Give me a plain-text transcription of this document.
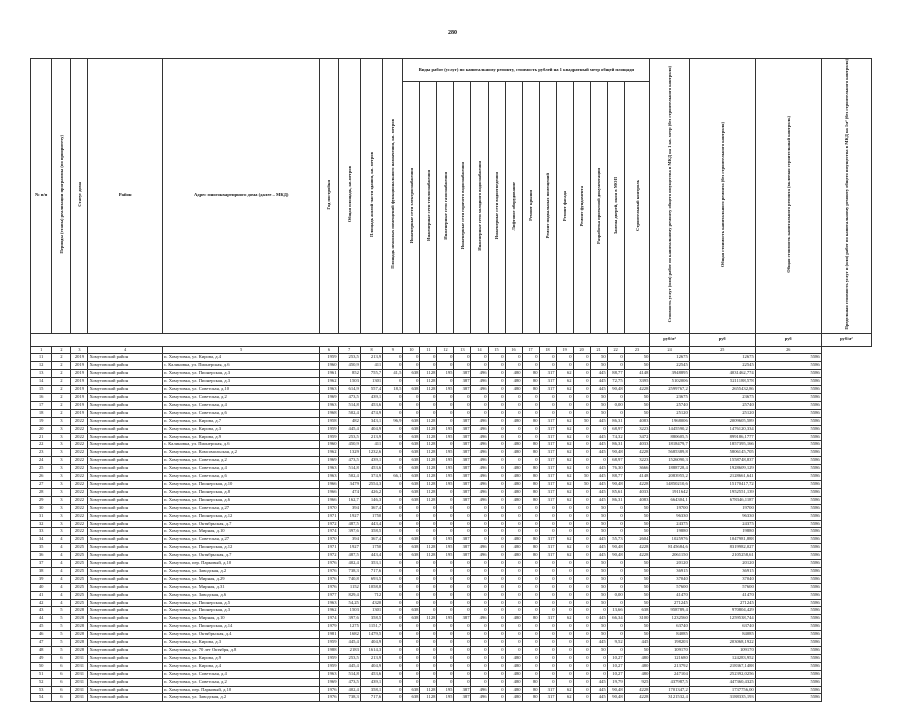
280
№ п/п	Периоды (этапы) реализации программы (по приоритету)	Статус дома	Район	Адрес многоквартирного дома (далее – МКД)	Год постройки	Общая площадь, кв.метров	Площадь жилой части здания, кв. метров	Площадь нежилых помещений функционального назначения, кв. метров	Виды работ (услуг) по капитальному ремонту, стоимость рублей на 1 квадратный метр общей площади														Стоимость услуг (или) работ по капитальному ремонту общего имущества в МКД на 1 кв. метр (без строительного контроля)	Общая стоимость капитального ремонта (без строительного контроля)	Общая стоимость капитального ремонта (включая строительный контроль)	Предельная стоимость услуг и (или) работ по капитальному ремонту общего имущества в МКД на 1м² (без строительного контроля)
									Инженерные сети электроснабжения	Инженерные сети теплоснабжения	Инженерные сети газоснабжения	Инженерные сети горячего водоснабжения	Инженерные сети холодного водоснабжения	Инженерные сети водоотведения	Лифтовое оборудование	Ремонт крыши	Ремонт подвальных помещений	Ремонт фасада	Ремонт фундамента	Разработка проектной документации	Замена дверей, окон в МОП	Строительный контроль				
																							руб/м²	руб	руб	руб/м²
1	2	3	4	5	6	7	8	9	10	11	12	13	14	15	16	17	18	19	20	21	22	23	24	25	26	
11	2	2019	Хомутовский район	п. Хомутовка, ул. Кирова, д.4	1959	253,5	213,9	0	0	0	0	0	0	0	0	0	0	0	0	50	0	50	12675	12675	5586	
12	2	2019	Хомутовский район	с. Калиновка, ул. Пионерская, д.6	1960	450,9	411	0	0	0	0	0	0	0	0	0	0	0	0	50	0	50	22545	22545	5586	
13	2	2019	Хомутовский район	п. Хомутовка, ул. Пионерская, д.3	1961	852	755,7	41,5	638	1128	195	387	496	0	480	80	317	62	0	445	88,77	4148	3948895	4031462,774	5586	
14	2	2019	Хомутовский район	п. Хомутовка, ул. Пионерская, д.3	1962	1503	1301	0	0	1128	0	387	496	0	480	80	317	62	0	445	72,75	3395	5102006	5211188,578	5586	
15	2	2019	Хомутовский район	п. Хомутовка, ул. Советская, д.10	1963	614,9	557,4	18,5	638	1128	195	387	496	0	480	80	317	62	0	445	90,48	4228	2599767,2	2655432,86	5586	
16	2	2019	Хомутовский район	п. Хомутовка, ул. Советская, д.2	1969	473,5	439,1	0	0	0	0	0	0	0	0	0	0	0	0	50	0	50	23675	23675	5586	
17	2	2019	Хомутовский район	п. Хомутовка, ул. Советская, д.4	1963	514,8	453,6	0	0	0	0	0	0	0	0	0	0	0	0	50	0,00	50	25740	25740	5586	
18	2	2019	Хомутовский район	п. Хомутовка, ул. Советская, д.6	1968	502,4	474,9	0	0	0	0	0	0	0	0	0	0	0	0	50	0	50	25120	25120	5586	
19	3	2022	Хомутовский район	п. Хомутовка, ул. Кирова, д.7	1958	482	343,1	96,9	638	1128	0	387	496	0	480	80	317	62	50	445	86,31	4083	1968006	2009605,589	5586	
20	3	2022	Хомутовский район	п. Хомутовка, ул. Кирова, д.3	1959	445,4	404,9	0	638	1128	195	387	496	0	0	0	317	62	0	0	68,97	3223	1445590,2	1476120,334	5586	
21	3	2022	Хомутовский район	п. Хомутовка, ул. Кирова, д.9	1959	253,5	213,9	0	638	1128	195	387	496	0	0	0	317	62	0	445	74,32	3472	880605,5	899186,1777	5586	
22	3	2022	Хомутовский район	с. Калиновка, ул. Пионерская, д.6	1960	450,9	411	0	638	1128	0	387	496	0	480	80	317	62	0	445	86,31	4033	1818479,7	1857395,166	5586	
23	3	2022	Хомутовский район	п. Хомутовка, ул. Комсомольская, д.2	1962	1329	1232,6	0	638	1128	195	387	496	0	480	80	317	62	0	445	90,48	4228	5685389,8	5806145,705	5586	
24	3	2022	Хомутовский район	п. Хомутовка, ул. Советская, д.2	1969	473,5	439,1	0	638	1128	195	387	496	0	0	0	317	62	0	0	68,97	3223	1526090,3	1558748,837	5586	
25	3	2022	Хомутовский район	п. Хомутовка, ул. Советская, д.4	1963	514,8	453,6	0	638	1128	195	387	496	0	480	80	317	62	0	445	76,30	3666	1888728,4	1928609,129	5586	
26	3	2022	Хомутовский район	п. Хомутовка, ул. Советская, д.6	1963	502,4	374,9	66,1	638	1128	195	387	496	0	480	80	317	62	50	445	88,77	4148	2083955,2	2128661,641	5586	
27	3	2022	Хомутовский район	п. Хомутовка, ул. Пионерская, д.10	1966	3479	2554,3	0	638	1128	195	387	496	0	480	80	317	62	50	445	90,48	4228	14850210,6	15170417,72	5586	
28	3	2022	Хомутовский район	п. Хомутовка, ул. Пионерская, д.8	1966	474	426,2	0	638	1128	0	387	496	0	480	80	317	62	0	445	85,61	4033	1911642	1952551,139	5586	
29	3	2022	Хомутовский район	п. Хомутовка, ул. Пионерская, д.6	1966	162,7	146,3	0	638	1128	0	387	496	0	480	80	317	62	0	445	86,31	4083	664304,1	678346,1187	5586	
30	3	2022	Хомутовский район	п. Хомутовка, ул. Советская, д.27	1970	394	367,4	0	0	0	0	0	0	0	0	0	0	0	0	50	0	50	19700	19700	5586	
31	3	2022	Хомутовский район	п. Хомутовка, ул. Пионерская, д.12	1971	1927	1750	0	0	0	0	0	0	0	0	0	0	0	0	50	0	50	96330	96330	5586	
32	3	2022	Хомутовский район	п. Хомутовка, ул. Октябрьская, д.7	1972	487,5	443,4	0	0	0	0	0	0	0	0	0	0	0	0	50	0	50	24375	24375	5586	
33	3	2022	Хомутовский район	п. Хомутовка, ул. Мирная, д.10	1974	397,6	358,5	0	0	0	0	0	0	0	0	0	0	0	0	50	0	50	19880	19880	5586	
34	4	2025	Хомутовский район	п. Хомутовка, ул. Советская, д.27	1970	394	367,4	0	638	0	195	387	0	0	480	80	317	62	0	445	55,73	2604	1025976	1047981,888	5586	
35	4	2025	Хомутовский район	п. Хомутовка, ул. Пионерская, д.12	1971	1927	1750	0	638	1128	195	387	496	0	480	80	317	62	0	445	90,48	4228	8145684,6	8319982,027	5586	
36	4	2025	Хомутовский район	п. Хомутовка, ул. Октябрьская, д.7	1972	487,5	443,4	0	638	1128	195	387	496	0	480	80	317	62	0	445	90,48	4228	2061150	2105258,61	5586	
37	4	2025	Хомутовский район	п. Хомутовка, пер. Парковый, д.10	1976	402,4	353,1	0	0	0	0	0	0	0	0	0	0	0	0	50	0	50	20120	20120	5586	
38	4	2025	Хомутовский район	п. Хомутовка, ул. Заводская, д.2	1976	738,3	717,6	0	0	0	0	0	0	0	0	0	0	0	0	50	0	50	36915	36915	5586	
39	4	2025	Хомутовский район	п. Хомутовка, ул. Мирная, д.29	1976	740,8	693,5	0	0	0	0	0	0	0	0	0	0	0	0	50	0	50	37040	37040	5586	
40	4	2025	Хомутовский район	п. Хомутовка, ул. Мирная, д.31	1976	1152	1058,8	0	0	0	0	0	0	0	0	0	0	0	0	50	0	50	57600	57600	5586	
41	4	2025	Хомутовский район	п. Хомутовка, ул. Заводская, д.6	1977	829,4	712	0	0	0	0	0	0	0	0	0	0	0	0	50	0,00	50	41470	41470	5586	
42	4	2025	Хомутовский район	п. Хомутовка, ул. Пионерская, д.5	1963	54,25	4320	0	0	0	0	0	0	0	0	0	0	0	0	50	0	50	271245	271245	5586	
43	5	2028	Хомутовский район	п. Хомутовка, ул. Пионерская, д.3	1962	1503	1301	0	638	0	0	0	0	0	0	0	0	0	0	0	13,66	638	958789,4	970804,429	5586	
44	5	2028	Хомутовский район	п. Хомутовка, ул. Мирная, д.10	1974	397,6	358,5	0	638	1128	195	387	496	0	480	80	317	62	0	445	66,34	3100	1232560	1259538,744	5586	
45	5	2028	Хомутовский район	п. Хомутовка, ул. Пионерская, д.14	1979	1275	1151,7	0	0	0	0	0	0	0	0	0	0	0	0	50	0	50	63740	63740	5586	
46	5	2028	Хомутовский район	п. Хомутовка, ул. Октябрьская, д.4	1981	1682	1479,5	0	0	0	0	0	0	0	0	0	0	0	0	50	0	50	84085	84085	5586	
47	5	2028	Хомутовский район	п. Хомутовка, ул. Кирова, д.3	1959	445,4	404,9	0	0	0	0	0	0	0	0	0	0	0	0	445	9,52	445	198203	203068,1922	5586	
48	5	2028	Хомутовский район	п. Хомутовка, ул. 70 лет Октября, д.8	1988	2183	1614,3	0	0	0	0	0	0	0	0	0	0	0	0	50	0	50	109170	109170	5586	
49	6	2031	Хомутовский район	п. Хомутовка, ул. Кирова, д.9	1959	253,5	213,9	0	0	0	0	0	0	0	480	0	0	0	0	0	10,27	480	121680	124283,952	5586	
50	6	2031	Хомутовский район	п. Хомутовка, ул. Кирова, д.4	1959	445,4	404,9	0	0	0	0	0	0	0	480	0	0	0	0	0	10,27	480	213792	218367,1488	5586	
51	6	2031	Хомутовский район	п. Хомутовка, ул. Советская, д.4	1963	514,8	453,6	0	0	0	0	0	0	0	480	0	0	0	0	0	10,27	480	247104	252392,0256	5586	
52	6	2031	Хомутовский район	п. Хомутовка, ул. Советская, д.2	1969	473,5	439,1	0	0	0	0	0	0	0	480	80	0	0	0	445	19,79	925	437987,5	447360,4325	5586	
53	6	2031	Хомутовский район	п. Хомутовка, пер. Парковый, д.10	1976	402,4	358,1	0	638	1128	195	387	496	0	480	80	317	62	0	445	90,48	4228	1701347,2	1737756,00	5586	
54	6	2031	Хомутовский район	п. Хомутовка, ул. Заводская, д.2	1976	738,3	717,6	0	638	1128	195	387	496	0	480	80	317	62	0	445	90,48	4228	3121532,4	3188335,193	5586	
